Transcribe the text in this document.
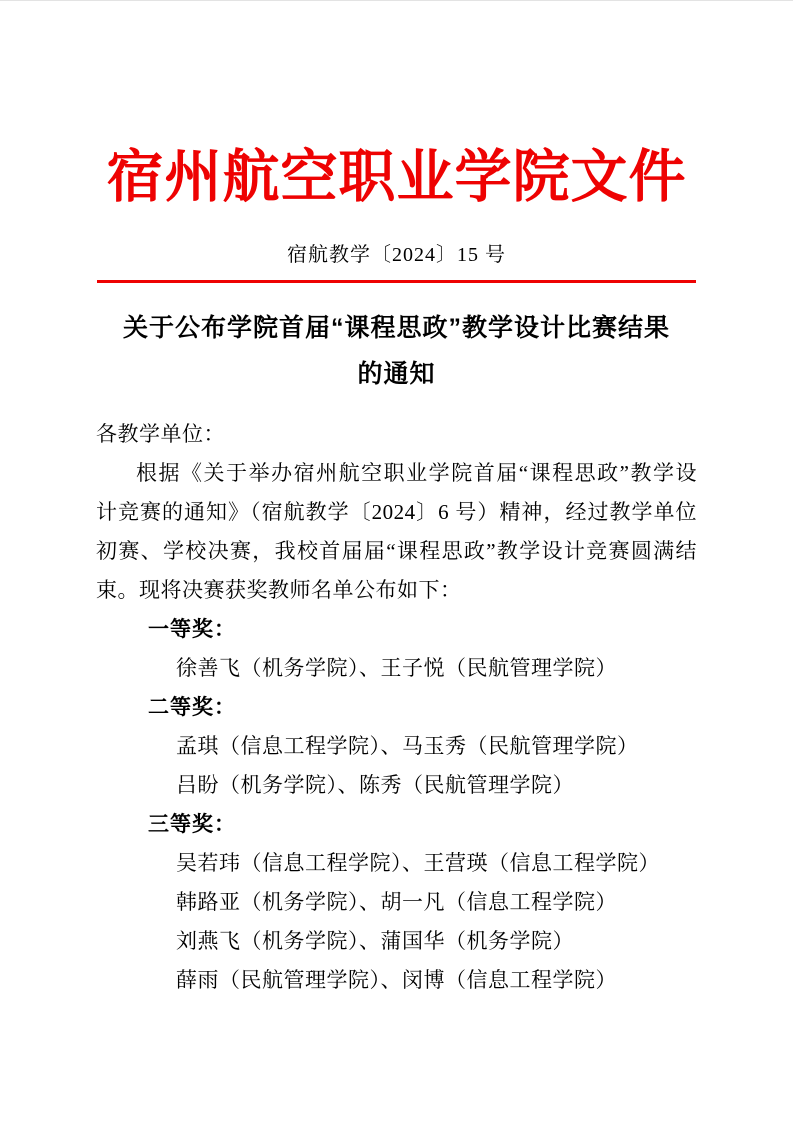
宿州航空职业学院文件
宿航教学〔2024〕15 号
关于公布学院首届“课程思政”教学设计比赛结果
的通知
各教学单位：
根据《关于举办宿州航空职业学院首届“课程思政”教学设
计竞赛的通知》（宿航教学〔2024〕6 号）精神，经过教学单位
初赛、学校决赛，我校首届届“课程思政”教学设计竞赛圆满结
束。现将决赛获奖教师名单公布如下：
一等奖：
徐善飞（机务学院）、王子悦（民航管理学院）
二等奖：
孟琪（信息工程学院）、马玉秀（民航管理学院）
吕盼（机务学院）、陈秀（民航管理学院）
三等奖：
吴若玮（信息工程学院）、王营瑛（信息工程学院）
韩路亚（机务学院）、胡一凡（信息工程学院）
刘燕飞（机务学院）、蒲国华（机务学院）
薛雨（民航管理学院）、闵博（信息工程学院）
